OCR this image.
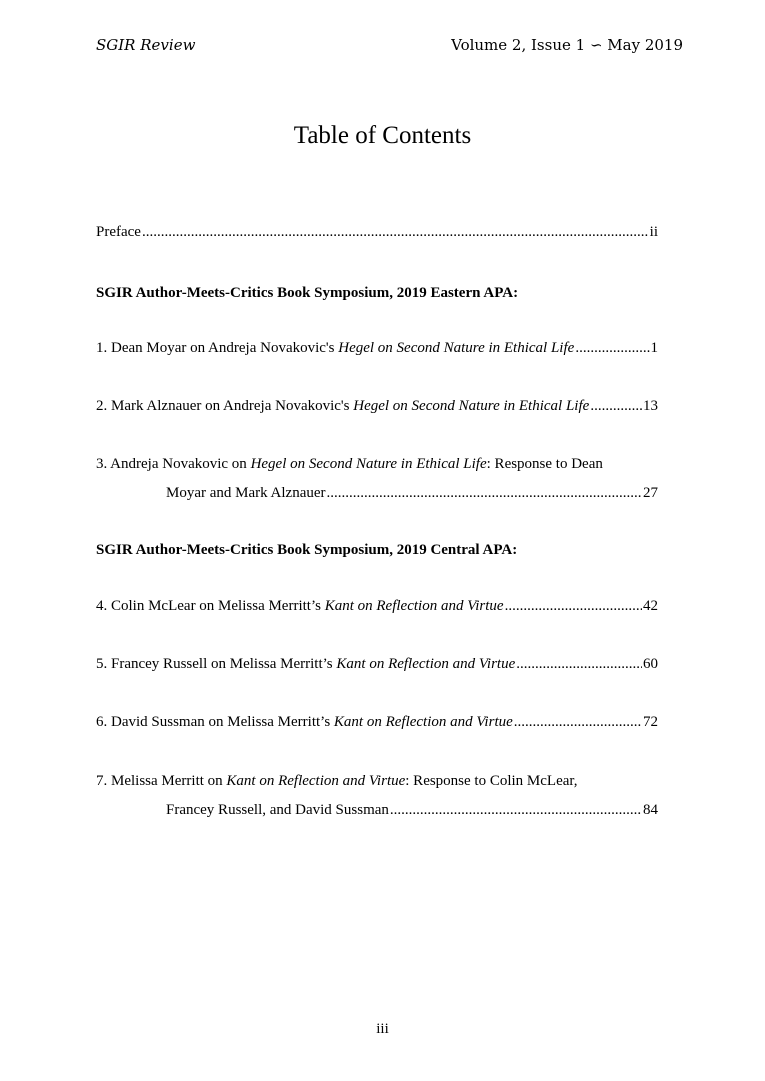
SGIR Review	Volume 2, Issue 1 ∽ May 2019
Table of Contents
Preface .....	ii
SGIR Author-Meets-Critics Book Symposium, 2019 Eastern APA:
1. Dean Moyar on Andreja Novakovic's Hegel on Second Nature in Ethical Life .....	1
2. Mark Alznauer on Andreja Novakovic's Hegel on Second Nature in Ethical Life .....	13
3. Andreja Novakovic on Hegel on Second Nature in Ethical Life: Response to Dean
Moyar and Mark Alznauer .....	27
SGIR Author-Meets-Critics Book Symposium, 2019 Central APA:
4. Colin McLear on Melissa Merritt’s Kant on Reflection and Virtue .....	42
5. Francey Russell on Melissa Merritt’s Kant on Reflection and Virtue .....	60
6. David Sussman on Melissa Merritt’s Kant on Reflection and Virtue .....	72
7. Melissa Merritt on Kant on Reflection and Virtue: Response to Colin McLear,
Francey Russell, and David Sussman .....	84
iii
